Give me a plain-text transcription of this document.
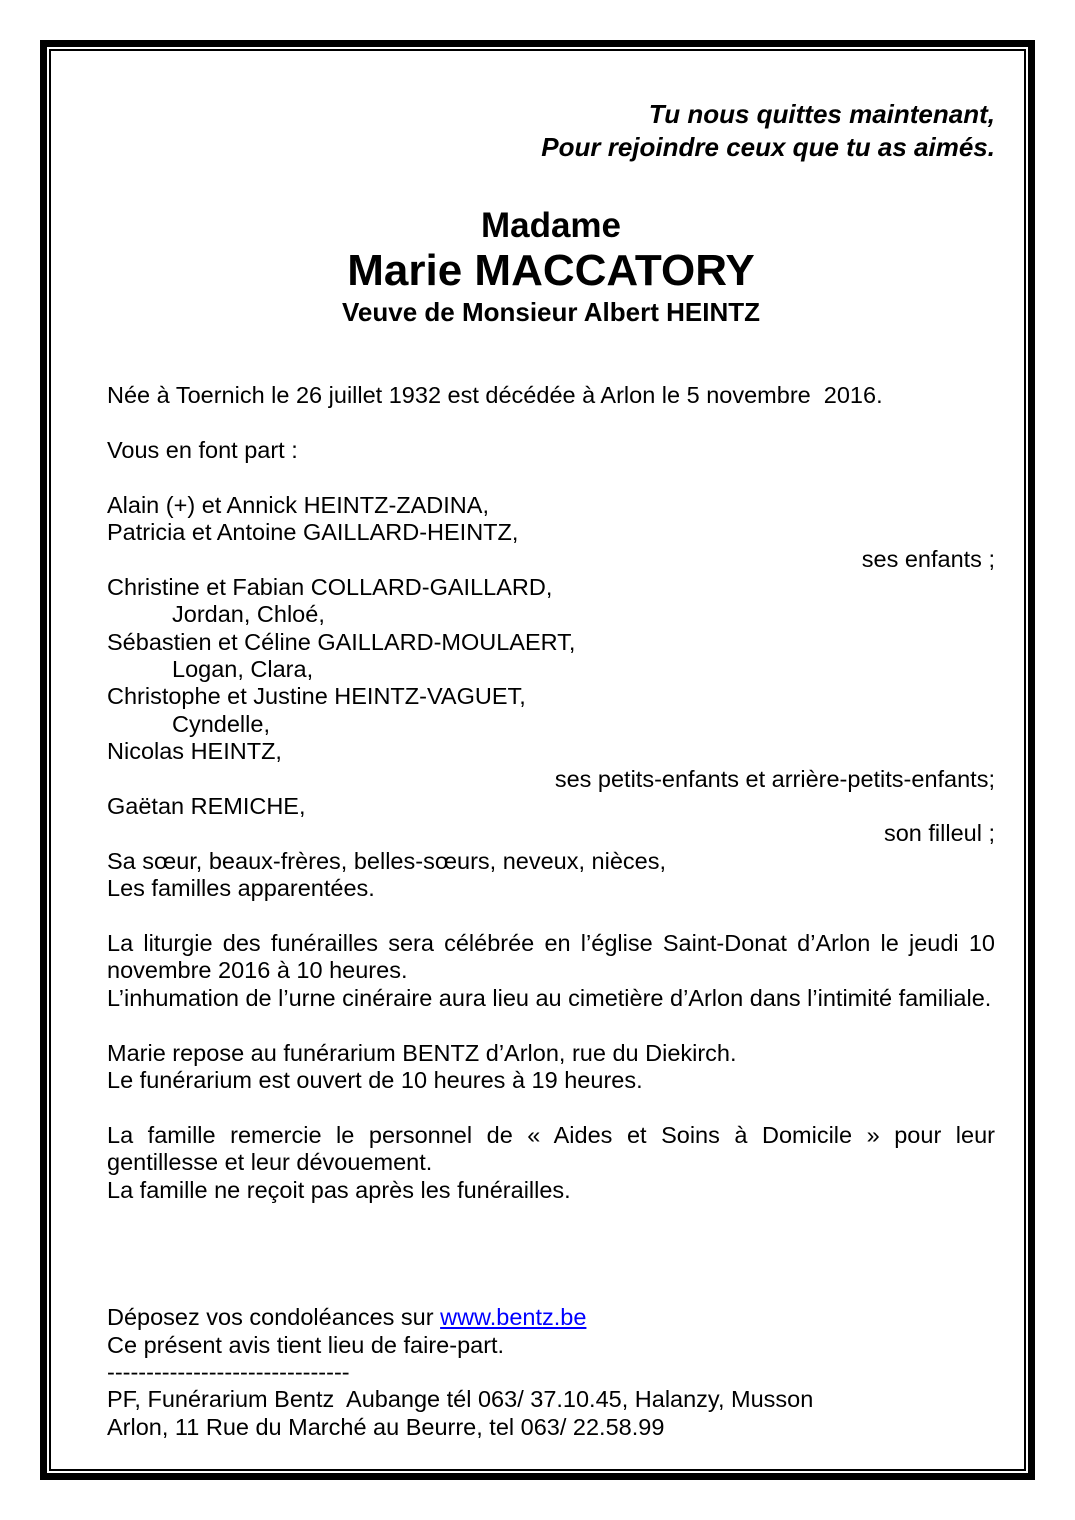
Tu nous quittes maintenant,
Pour rejoindre ceux que tu as aimés.
Madame
Marie MACCATORY
Veuve de Monsieur Albert HEINTZ
Née à Toernich le 26 juillet 1932 est décédée à Arlon le 5 novembre  2016.
Vous en font part :
Alain (+) et Annick HEINTZ-ZADINA,
Patricia et Antoine GAILLARD-HEINTZ,
ses enfants ;
Christine et Fabian COLLARD-GAILLARD,
Jordan, Chloé,
Sébastien et Céline GAILLARD-MOULAERT,
Logan, Clara,
Christophe et Justine HEINTZ-VAGUET,
Cyndelle,
Nicolas HEINTZ,
ses petits-enfants et arrière-petits-enfants;
Gaëtan REMICHE,
son filleul ;
Sa sœur, beaux-frères, belles-sœurs, neveux, nièces,
Les familles apparentées.
La liturgie des funérailles sera célébrée en l’église Saint-Donat d’Arlon le jeudi 10
novembre 2016 à 10 heures.
L’inhumation de l’urne cinéraire aura lieu au cimetière d’Arlon dans l’intimité familiale.
Marie repose au funérarium BENTZ d’Arlon, rue du Diekirch.
Le funérarium est ouvert de 10 heures à 19 heures.
La famille remercie le personnel de « Aides et Soins à Domicile » pour leur
gentillesse et leur dévouement.
La famille ne reçoit pas après les funérailles.
Déposez vos condoléances sur www.bentz.be
Ce présent avis tient lieu de faire-part.
-------------------------------
PF, Funérarium Bentz  Aubange tél 063/ 37.10.45, Halanzy, Musson
Arlon, 11 Rue du Marché au Beurre, tel 063/ 22.58.99
